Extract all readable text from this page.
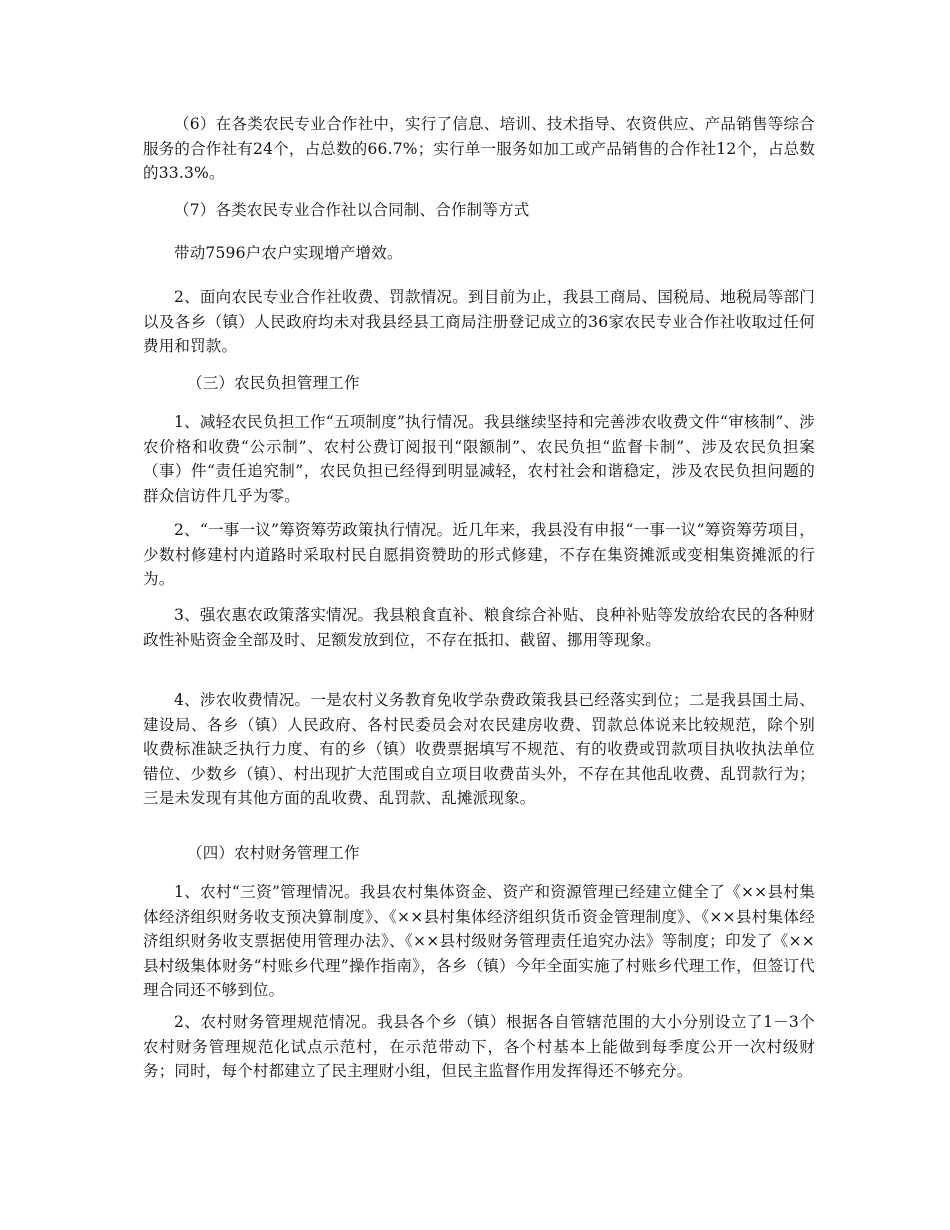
（6）在各类农民专业合作社中，实行了信息、培训、技术指导、农资供应、产品销售等综合服务的合作社有24个，占总数的66.7%；实行单一服务如加工或产品销售的合作社12个，占总数的33.3%。

（7）各类农民专业合作社以合同制、合作制等方式

带动7596户农户实现增产增效。

2、面向农民专业合作社收费、罚款情况。到目前为止，我县工商局、国税局、地税局等部门以及各乡（镇）人民政府均未对我县经县工商局注册登记成立的36家农民专业合作社收取过任何费用和罚款。

（三）农民负担管理工作

1、减轻农民负担工作“五项制度”执行情况。我县继续坚持和完善涉农收费文件“审核制”、涉农价格和收费“公示制”、农村公费订阅报刊“限额制”、农民负担“监督卡制”、涉及农民负担案（事）件“责任追究制”，农民负担已经得到明显减轻，农村社会和谐稳定，涉及农民负担问题的群众信访件几乎为零。

2、“一事一议”筹资筹劳政策执行情况。近几年来，我县没有申报“一事一议”筹资筹劳项目，少数村修建村内道路时采取村民自愿捐资赞助的形式修建，不存在集资摊派或变相集资摊派的行为。

3、强农惠农政策落实情况。我县粮食直补、粮食综合补贴、良种补贴等发放给农民的各种财政性补贴资金全部及时、足额发放到位，不存在抵扣、截留、挪用等现象。

4、涉农收费情况。一是农村义务教育免收学杂费政策我县已经落实到位；二是我县国土局、建设局、各乡（镇）人民政府、各村民委员会对农民建房收费、罚款总体说来比较规范，除个别收费标准缺乏执行力度、有的乡（镇）收费票据填写不规范、有的收费或罚款项目执收执法单位错位、少数乡（镇）、村出现扩大范围或自立项目收费苗头外，不存在其他乱收费、乱罚款行为；三是未发现有其他方面的乱收费、乱罚款、乱摊派现象。

（四）农村财务管理工作

1、农村“三资”管理情况。我县农村集体资金、资产和资源管理已经建立健全了《××县村集体经济组织财务收支预决算制度》、《××县村集体经济组织货币资金管理制度》、《××县村集体经济组织财务收支票据使用管理办法》、《××县村级财务管理责任追究办法》等制度；印发了《××县村级集体财务“村账乡代理”操作指南》，各乡（镇）今年全面实施了村账乡代理工作，但签订代理合同还不够到位。

2、农村财务管理规范情况。我县各个乡（镇）根据各自管辖范围的大小分别设立了1－3个农村财务管理规范化试点示范村，在示范带动下，各个村基本上能做到每季度公开一次村级财务；同时，每个村都建立了民主理财小组，但民主监督作用发挥得还不够充分。
